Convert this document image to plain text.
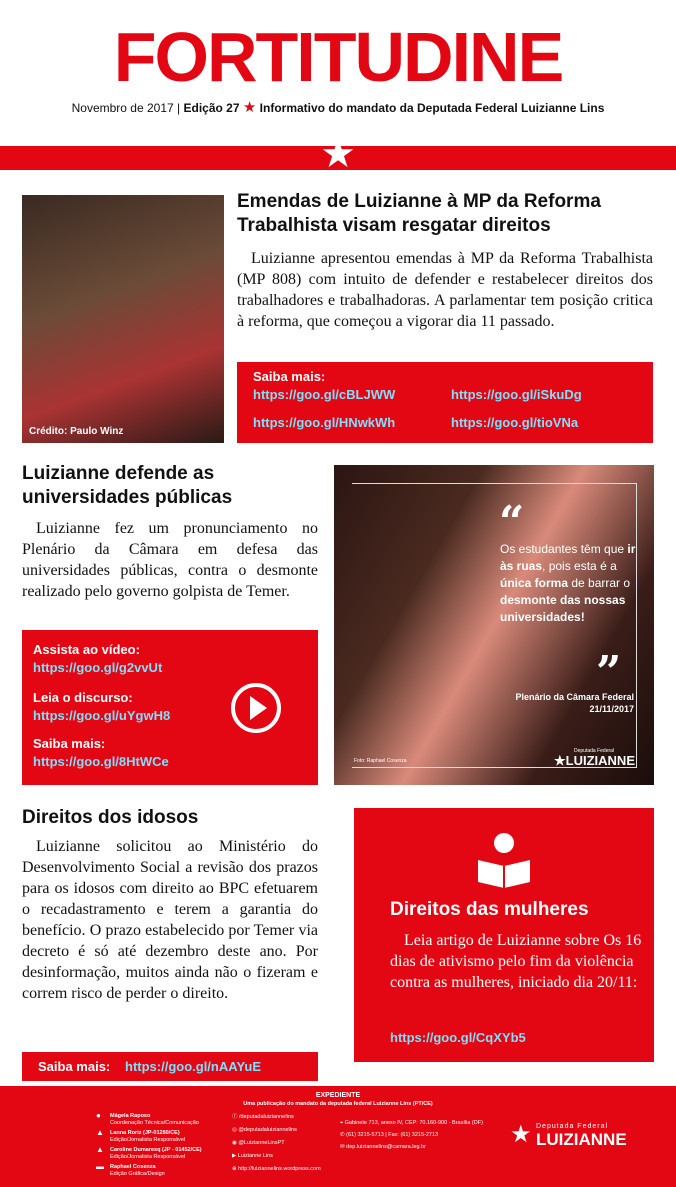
FORTITUDINE
Novembro de 2017 | Edição 27 ★ Informativo do mandato da Deputada Federal Luizianne Lins
★
Crédito: Paulo Winz
Emendas de Luizianne à MP da Reforma Trabalhista visam resgatar direitos

Luizianne apresentou emendas à MP da Reforma Trabalhista (MP 808) com intuito de defender e restabelecer direitos dos trabalhadores e trabalhadoras. A parlamentar tem posição critica à reforma, que começou a vigorar dia 11 passado.

Saiba mais:
https://goo.gl/cBLJWW	https://goo.gl/iSkuDg
https://goo.gl/HNwkWh	https://goo.gl/tioVNa
Luizianne defende as universidades públicas

Luizianne fez um pronunciamento no Plenário da Câmara em defesa das universidades públicas, contra o desmonte realizado pelo governo golpista de Temer.

Assista ao vídeo:
https://goo.gl/g2vvUt
Leia o discurso:
https://goo.gl/uYgwH8
Saiba mais:
https://goo.gl/8HtWCe
“
Os estudantes têm que ir às ruas, pois esta é a única forma de barrar o desmonte das nossas universidades!
”
Plenário da Câmara Federal
21/11/2017
Foto: Raphael Cosenza
Deputada Federal
★LUIZIANNE
Direitos dos idosos

Luizianne solicitou ao Ministério do Desenvolvimento Social a revisão dos prazos para os idosos com direito ao BPC efetuarem o recadastramento e terem a garantia do benefício. O prazo estabelecido por Temer via decreto é só até dezembro deste ano. Por desinformação, muitos ainda não o fizeram e correm risco de perder o direito.

Saiba mais: https://goo.gl/nAAYuE
Direitos das mulheres

Leia artigo de Luizianne sobre Os 16 dias de ativismo pelo fim da violência contra as mulheres, iniciado dia 20/11:

https://goo.gl/CqXYb5
EXPEDIENTE
Uma publicação do mandato da deputada federal Luizianne Lins (PT/CE)
● Mágela Raposo
Coordenação Técnica/Comunicação
▲ Lanna Roriz (JP-01280/CE)
Edição/Jornalista Responsável
▲ Caroline Dumaresq (JP - 01452/CE)
Edição/Jornalista Responsável
▬ Raphael Cosenza
Edição Gráfica/Design
ⓕ /deputadaluizianneIins
◎ @deputadaluiziannelins
◉ @LuizianneLinsPT
▶ Luizianne Lins
⊕ http://luiziannelins.wordpress.com
⌖ Gabinete 713, anexo IV, CEP: 70.160-900 - Brasília (DF)
✆ (61) 3215-5713 | Fax: (61) 3215-2713
✉ dep.luiziannelins@camara.leg.br	★ Deputada Federal
LUIZIANNE
